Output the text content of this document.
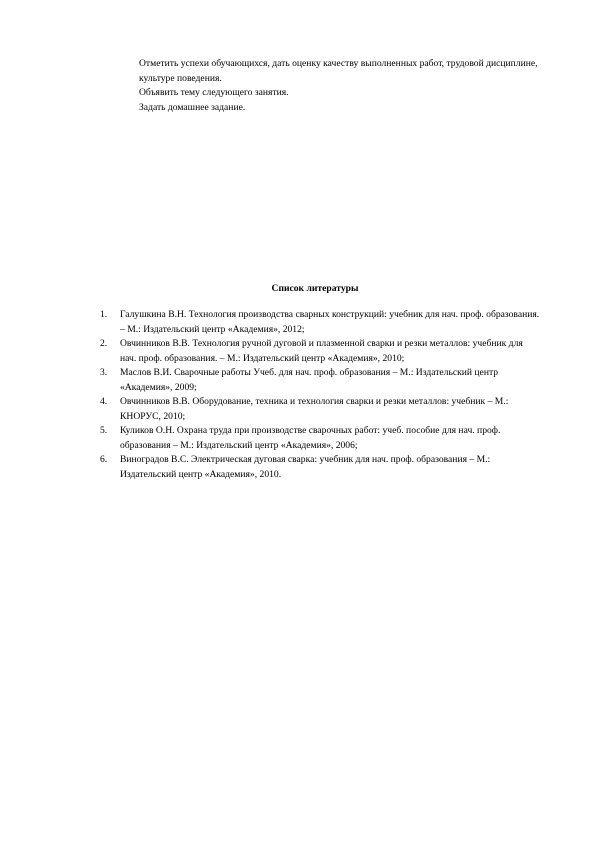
Отметить успехи обучающихся, дать оценку качеству выполненных работ, трудовой дисциплине, культуре поведения.

Объявить тему следующего занятия.

Задать домашнее задание.

Список литературы
1.	Галушкина В.Н. Технология производства сварных конструкций: учебник для нач. проф. образования. – М.: Издательский центр «Академия», 2012;
2.	Овчинников В.В. Технология ручной дуговой и плазменной сварки и резки металлов: учебник для нач. проф. образования. – М.: Издательский центр «Академия», 2010;
3.	Маслов В.И. Сварочные работы Учеб. для нач. проф. образования – М.: Издательский центр «Академия», 2009;
4.	Овчинников В.В. Оборудование, техника и технология сварки и резки металлов: учебник – М.: КНОРУС, 2010;
5.	Куликов О.Н. Охрана труда при производстве сварочных работ: учеб. пособие для нач. проф. образования – М.: Издательский центр «Академия», 2006;
6.	Виноградов В.С. Электрическая дуговая сварка: учебник для нач. проф. образования – М.: Издательский центр «Академия», 2010.
